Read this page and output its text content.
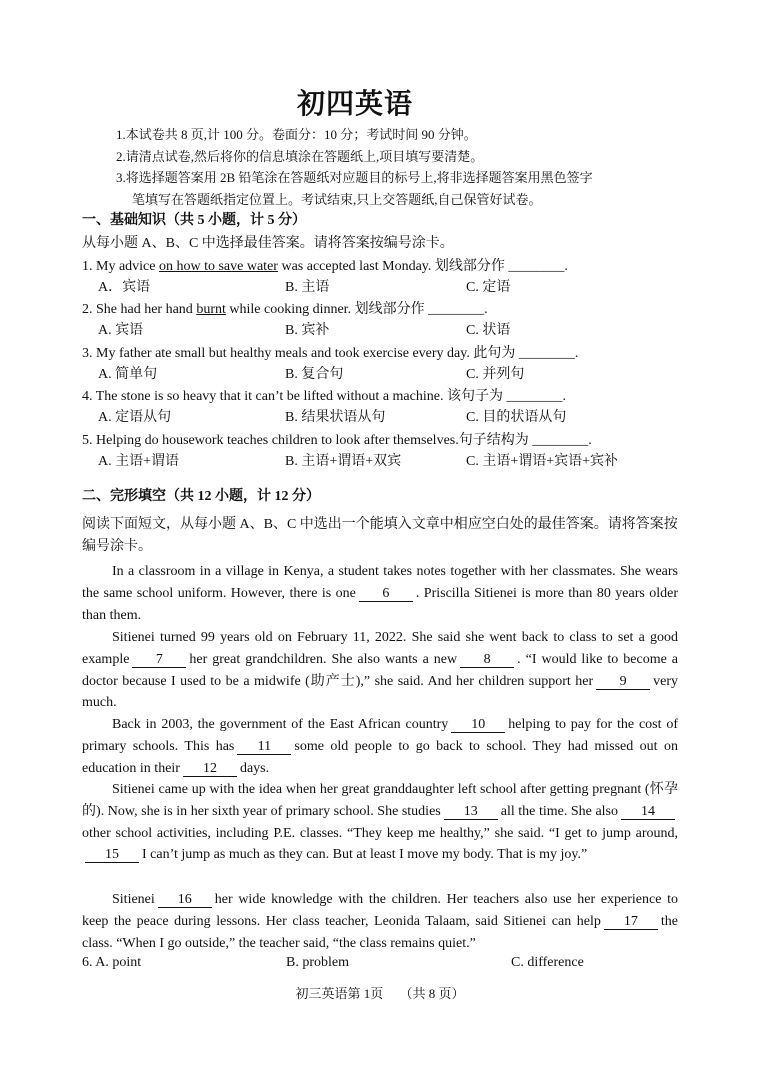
初四英语

1.本试卷共 8 页,计 100 分。卷面分：10 分；考试时间 90 分钟。

2.请清点试卷,然后将你的信息填涂在答题纸上,项目填写要清楚。

3.将选择题答案用 2B 铅笔涂在答题纸对应题目的标号上,将非选择题答案用黑色签字

笔填写在答题纸指定位置上。考试结束,只上交答题纸,自己保管好试卷。

一、基础知识（共 5 小题，计 5 分）
从每小题 A、B、C 中选择最佳答案。请将答案按编号涂卡。
1. My advice on how to save water was accepted last Monday. 划线部分作 ________.
A．宾语	B. 主语	C. 定语
2. She had her hand burnt while cooking dinner. 划线部分作 ________.
A. 宾语	B. 宾补	C. 状语
3. My father ate small but healthy meals and took exercise every day. 此句为 ________.
A. 简单句	B. 复合句	C. 并列句
4. The stone is so heavy that it can’t be lifted without a machine. 该句子为 ________.
A. 定语从句	B. 结果状语从句	C. 目的状语从句
5. Helping do housework teaches children to look after themselves.句子结构为 ________.
A. 主语+谓语	B. 主语+谓语+双宾	C. 主语+谓语+宾语+宾补
二、完形填空（共 12 小题，计 12 分）

阅读下面短文，从每小题 A、B、C 中选出一个能填入文章中相应空白处的最佳答案。请将答案按编号涂卡。

In a classroom in a village in Kenya, a student takes notes together with her classmates. She wears the same school uniform. However, there is one 6 . Priscilla Sitienei is more than 80 years older than them.

Sitienei turned 99 years old on February 11, 2022. She said she went back to class to set a good example 7 her great grandchildren. She also wants a new 8 . “I would like to become a doctor because I used to be a midwife (助产士),” she said. And her children support her 9 very much.

Back in 2003, the government of the East African country 10 helping to pay for the cost of primary schools. This has 11 some old people to go back to school. They had missed out on education in their 12 days.

Sitienei came up with the idea when her great granddaughter left school after getting pregnant (怀孕的). Now, she is in her sixth year of primary school. She studies 13 all the time. She also 14other school activities, including P.E. classes. “They keep me healthy,” she said. “I get to jump around,15 I can’t jump as much as they can. But at least I move my body. That is my joy.”

Sitienei 16 her wide knowledge with the children. Her teachers also use her experience to keep the peace during lessons. Her class teacher, Leonida Talaam, said Sitienei can help 17 the class. “When I go outside,” the teacher said, “the class remains quiet.”

6. A. point	B. problem	C. difference
初三英语第 1页　 （共 8 页）
